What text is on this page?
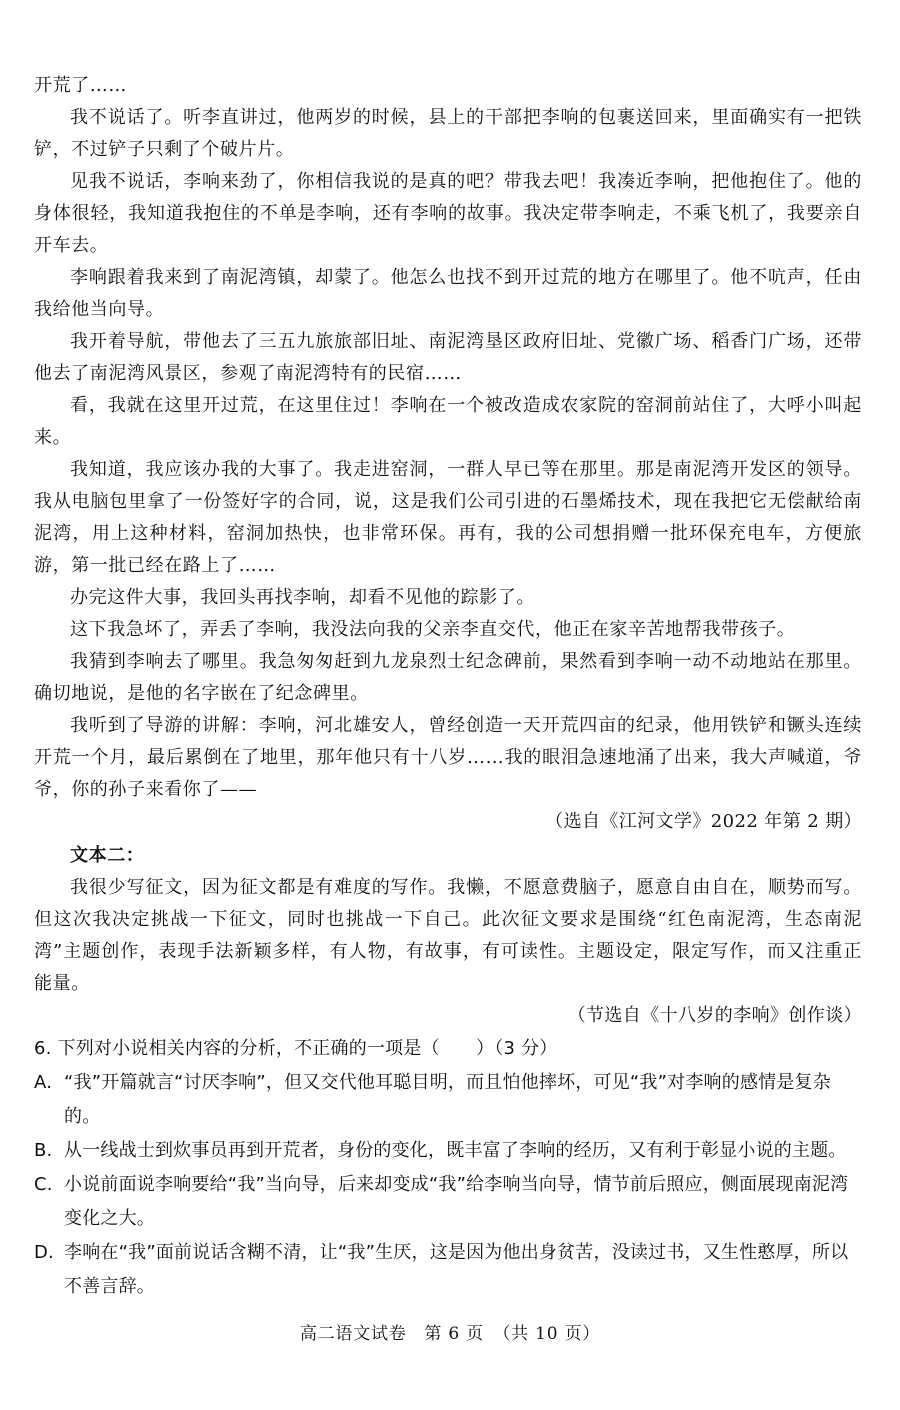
开荒了……

我不说话了。听李直讲过，他两岁的时候，县上的干部把李响的包裹送回来，里面确实有一把铁铲，不过铲子只剩了个破片片。

见我不说话，李响来劲了，你相信我说的是真的吧？带我去吧！我凑近李响，把他抱住了。他的身体很轻，我知道我抱住的不单是李响，还有李响的故事。我决定带李响走，不乘飞机了，我要亲自开车去。

李响跟着我来到了南泥湾镇，却蒙了。他怎么也找不到开过荒的地方在哪里了。他不吭声，任由我给他当向导。

我开着导航，带他去了三五九旅旅部旧址、南泥湾垦区政府旧址、党徽广场、稻香门广场，还带他去了南泥湾风景区，参观了南泥湾特有的民宿……

看，我就在这里开过荒，在这里住过！李响在一个被改造成农家院的窑洞前站住了，大呼小叫起来。

我知道，我应该办我的大事了。我走进窑洞，一群人早已等在那里。那是南泥湾开发区的领导。我从电脑包里拿了一份签好字的合同，说，这是我们公司引进的石墨烯技术，现在我把它无偿献给南泥湾，用上这种材料，窑洞加热快，也非常环保。再有，我的公司想捐赠一批环保充电车，方便旅游，第一批已经在路上了……

办完这件大事，我回头再找李响，却看不见他的踪影了。

这下我急坏了，弄丢了李响，我没法向我的父亲李直交代，他正在家辛苦地帮我带孩子。

我猜到李响去了哪里。我急匆匆赶到九龙泉烈士纪念碑前，果然看到李响一动不动地站在那里。确切地说，是他的名字嵌在了纪念碑里。

我听到了导游的讲解：李响，河北雄安人，曾经创造一天开荒四亩的纪录，他用铁铲和镢头连续开荒一个月，最后累倒在了地里，那年他只有十八岁……我的眼泪急速地涌了出来，我大声喊道，爷爷，你的孙子来看你了——

（选自《江河文学》2022 年第 2 期）

文本二：

我很少写征文，因为征文都是有难度的写作。我懒，不愿意费脑子，愿意自由自在，顺势而写。但这次我决定挑战一下征文，同时也挑战一下自己。此次征文要求是围绕“红色南泥湾，生态南泥湾”主题创作，表现手法新颖多样，有人物，有故事，有可读性。主题设定，限定写作，而又注重正能量。

（节选自《十八岁的李响》创作谈）

6. 下列对小说相关内容的分析，不正确的一项是（　　）（3 分）

A. “我”开篇就言“讨厌李响”，但又交代他耳聪目明，而且怕他摔坏，可见“我”对李响的感情是复杂的。

B. 从一线战士到炊事员再到开荒者，身份的变化，既丰富了李响的经历，又有利于彰显小说的主题。

C. 小说前面说李响要给“我”当向导，后来却变成“我”给李响当向导，情节前后照应，侧面展现南泥湾变化之大。

D. 李响在“我”面前说话含糊不清，让“我”生厌，这是因为他出身贫苦，没读过书，又生性憨厚，所以不善言辞。

高二语文试卷　第 6 页　（共 10 页）
